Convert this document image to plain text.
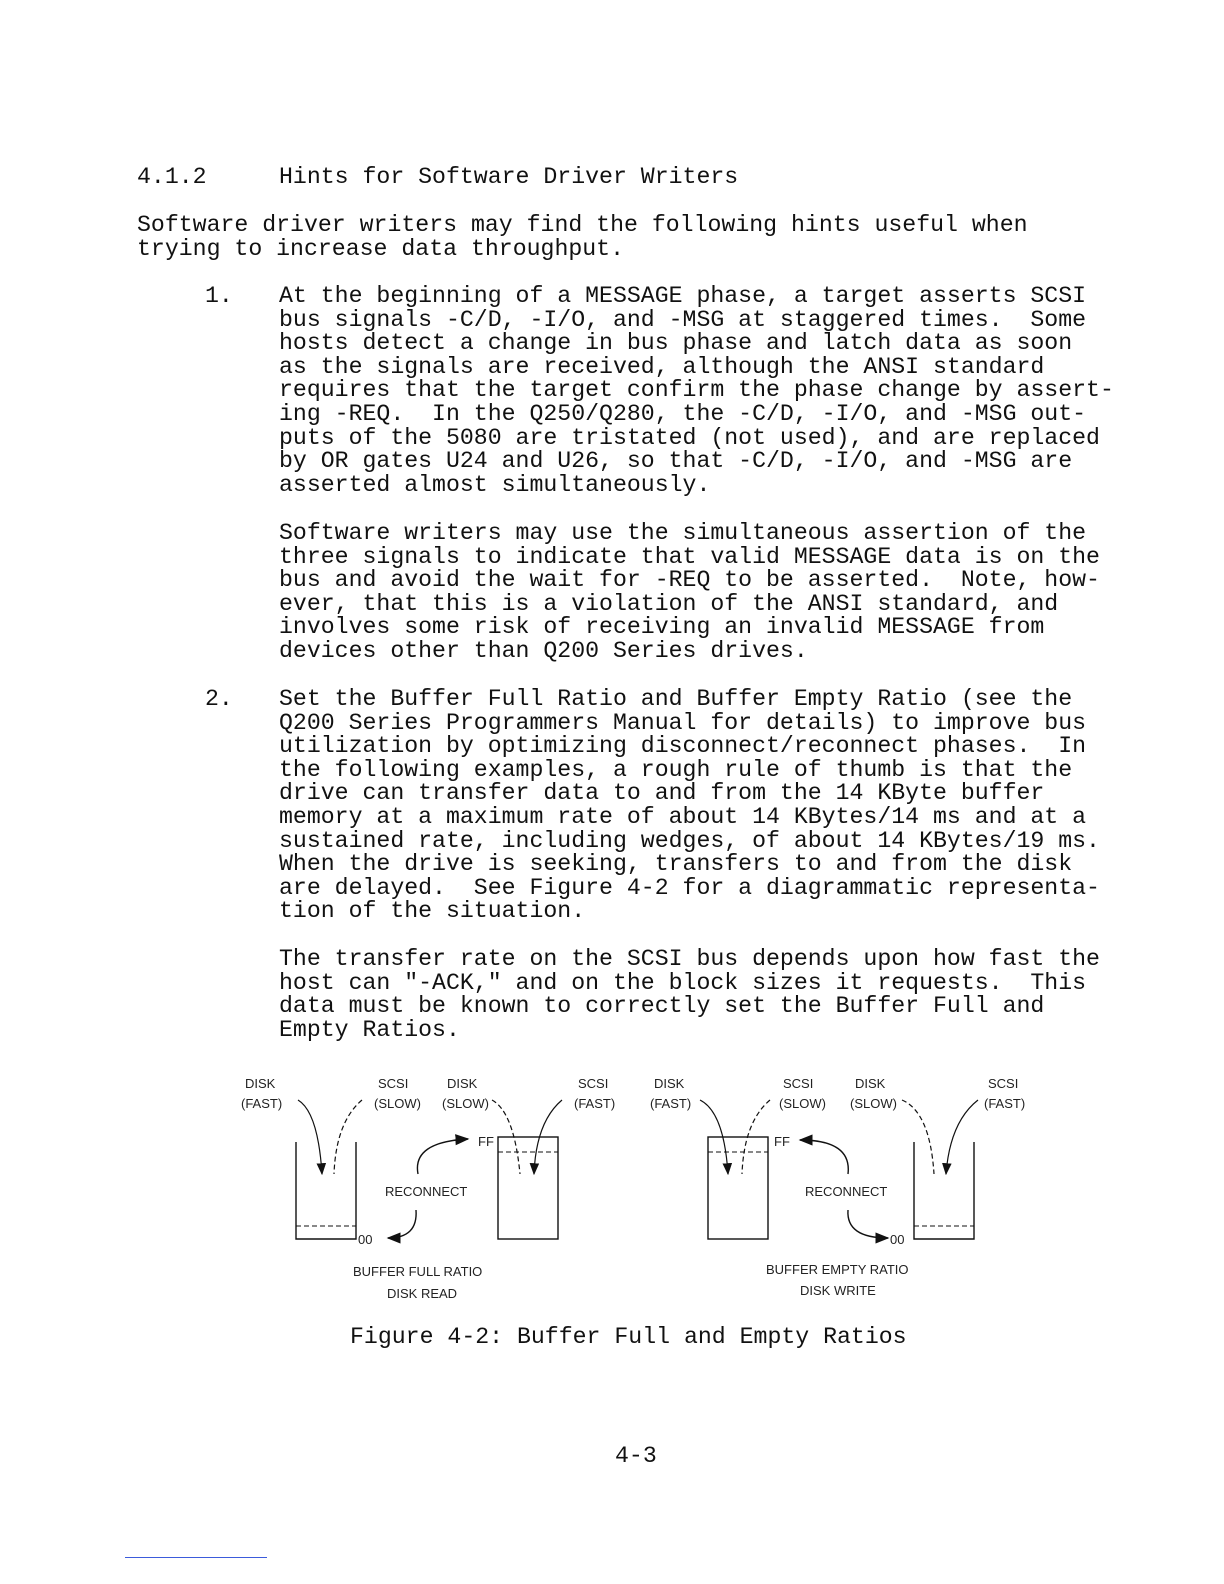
4.1.2	Hints for Software Driver Writers
Software driver writers may find the following hints useful when
trying to increase data throughput.
1. At the beginning of a MESSAGE phase, a target asserts SCSI
bus signals -C/D, -I/O, and -MSG at staggered times.  Some
hosts detect a change in bus phase and latch data as soon
as the signals are received, although the ANSI standard
requires that the target confirm the phase change by assert-
ing -REQ.  In the Q250/Q280, the -C/D, -I/O, and -MSG out-
puts of the 5080 are tristated (not used), and are replaced
by OR gates U24 and U26, so that -C/D, -I/O, and -MSG are
asserted almost simultaneously.
Software writers may use the simultaneous assertion of the
three signals to indicate that valid MESSAGE data is on the
bus and avoid the wait for -REQ to be asserted.  Note, how-
ever, that this is a violation of the ANSI standard, and
involves some risk of receiving an invalid MESSAGE from
devices other than Q200 Series drives.
2. Set the Buffer Full Ratio and Buffer Empty Ratio (see the
Q200 Series Programmers Manual for details) to improve bus
utilization by optimizing disconnect/reconnect phases.  In
the following examples, a rough rule of thumb is that the
drive can transfer data to and from the 14 KByte buffer
memory at a maximum rate of about 14 KBytes/14 ms and at a
sustained rate, including wedges, of about 14 KBytes/19 ms.
When the drive is seeking, transfers to and from the disk
are delayed.  See Figure 4-2 for a diagrammatic representa-
tion of the situation.
The transfer rate on the SCSI bus depends upon how fast the
host can "-ACK," and on the block sizes it requests.  This
data must be known to correctly set the Buffer Full and
Empty Ratios.
DISK
(FAST)
SCSI
(SLOW)
DISK
(SLOW)
SCSI
(FAST)
00
RECONNECT
FF
BUFFER FULL RATIO
DISK READ
DISK
(FAST)
SCSI
(SLOW)
DISK
(SLOW)
SCSI
(FAST)
FF
RECONNECT
00
BUFFER EMPTY RATIO
DISK WRITE
Figure 4-2: Buffer Full and Empty Ratios
4-3
